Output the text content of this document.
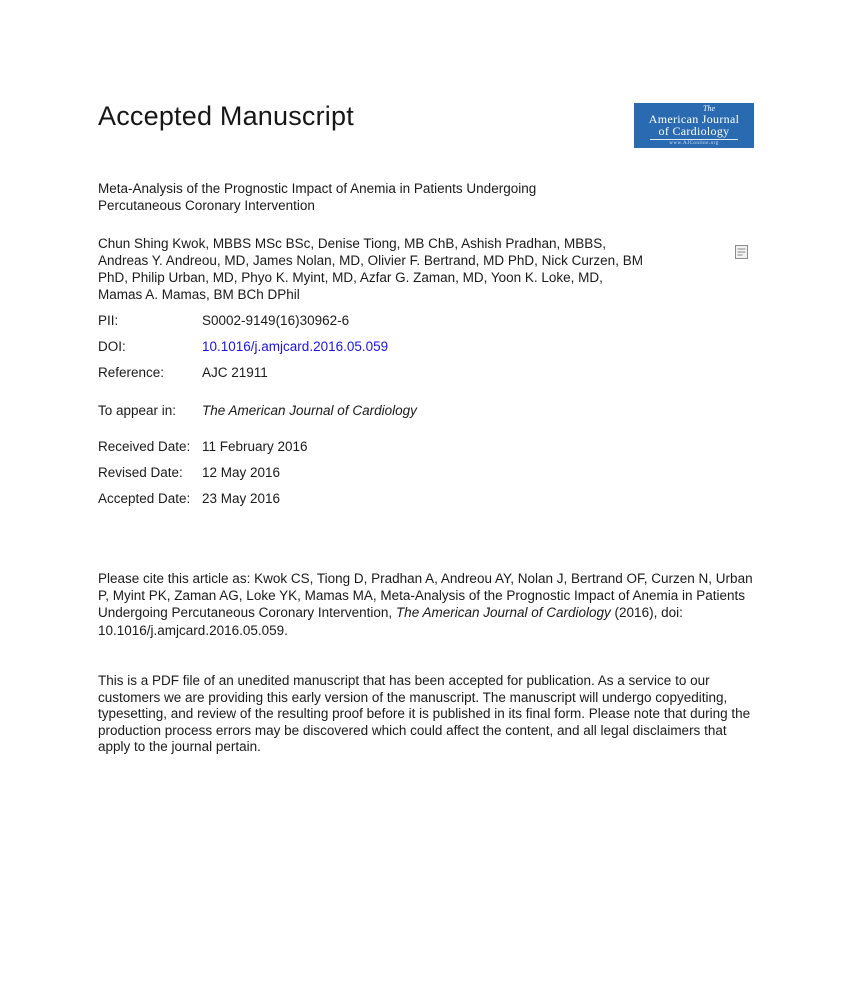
Accepted Manuscript	The
American Journal
of Cardiology
www.AJConline.org

Meta-Analysis of the Prognostic Impact of Anemia in Patients Undergoing Percutaneous Coronary Intervention

Chun Shing Kwok, MBBS MSc BSc, Denise Tiong, MB ChB, Ashish Pradhan, MBBS, Andreas Y. Andreou, MD, James Nolan, MD, Olivier F. Bertrand, MD PhD, Nick Curzen, BM PhD, Philip Urban, MD, Phyo K. Myint, MD, Azfar G. Zaman, MD, Yoon K. Loke, MD, Mamas A. Mamas, BM BCh DPhil

PII:	S0002-9149(16)30962-6
DOI:	10.1016/j.amjcard.2016.05.059
Reference:	AJC 21911
To appear in:	The American Journal of Cardiology
Received Date: 11 February 2016
Revised Date:	12 May 2016
Accepted Date: 23 May 2016

Please cite this article as: Kwok CS, Tiong D, Pradhan A, Andreou AY, Nolan J, Bertrand OF, Curzen N, Urban P, Myint PK, Zaman AG, Loke YK, Mamas MA, Meta-Analysis of the Prognostic Impact of Anemia in Patients Undergoing Percutaneous Coronary Intervention, The American Journal of Cardiology (2016), doi: 10.1016/j.amjcard.2016.05.059.

This is a PDF file of an unedited manuscript that has been accepted for publication. As a service to our customers we are providing this early version of the manuscript. The manuscript will undergo copyediting, typesetting, and review of the resulting proof before it is published in its final form. Please note that during the production process errors may be discovered which could affect the content, and all legal disclaimers that apply to the journal pertain.
